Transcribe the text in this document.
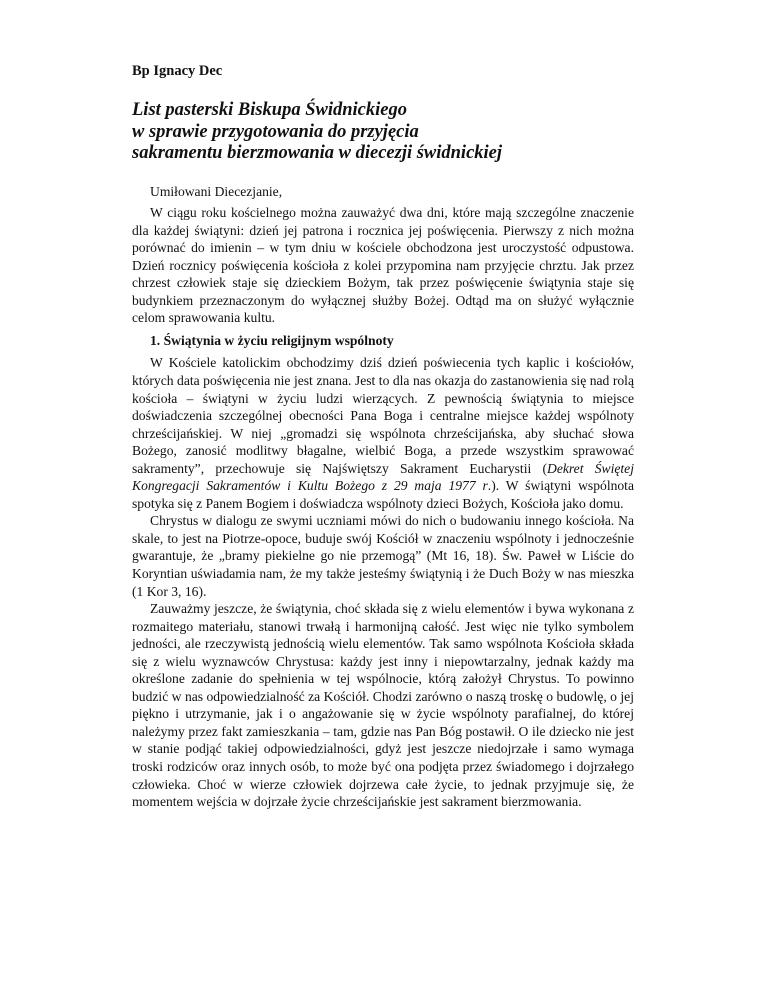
Bp Ignacy Dec
List pasterski Biskupa Świdnickiego
w sprawie przygotowania do przyjęcia
sakramentu bierzmowania w diecezji świdnickiej

Umiłowani Diecezjanie,

W ciągu roku kościelnego można zauważyć dwa dni, które mają szczególne znaczenie dla każdej świątyni: dzień jej patrona i rocznica jej poświęcenia. Pierwszy z nich można porównać do imienin – w tym dniu w kościele obchodzona jest uroczystość odpustowa. Dzień rocznicy poświęcenia kościoła z kolei przypomina nam przyjęcie chrztu. Jak przez chrzest człowiek staje się dzieckiem Bożym, tak przez poświęcenie świątynia staje się budynkiem przeznaczonym do wyłącznej służby Bożej. Odtąd ma on służyć wyłącznie celom sprawowania kultu.

1. Świątynia w życiu religijnym wspólnoty

W Kościele katolickim obchodzimy dziś dzień poświecenia tych kaplic i kościołów, których data poświęcenia nie jest znana. Jest to dla nas okazja do zastanowienia się nad rolą kościoła – świątyni w życiu ludzi wierzących. Z pewnością świątynia to miejsce doświadczenia szczególnej obecności Pana Boga i centralne miejsce każdej wspólnoty chrześcijańskiej. W niej „gromadzi się wspólnota chrześcijańska, aby słuchać słowa Bożego, zanosić modlitwy błagalne, wielbić Boga, a przede wszystkim sprawować sakramenty”, przechowuje się Najświętszy Sakrament Eucharystii (Dekret Świętej Kongregacji Sakramentów i Kultu Bożego z 29 maja 1977 r.). W świątyni wspólnota spotyka się z Panem Bogiem i doświadcza wspólnoty dzieci Bożych, Kościoła jako domu.

Chrystus w dialogu ze swymi uczniami mówi do nich o budowaniu innego kościoła. Na skale, to jest na Piotrze-opoce, buduje swój Kościół w znaczeniu wspólnoty i jednocześnie gwarantuje, że „bramy piekielne go nie przemogą” (Mt 16, 18). Św. Paweł w Liście do Koryntian uświadamia nam, że my także jesteśmy świątynią i że Duch Boży w nas mieszka (1 Kor 3, 16).

Zauważmy jeszcze, że świątynia, choć składa się z wielu elementów i bywa wykonana z rozmaitego materiału, stanowi trwałą i harmonijną całość. Jest więc nie tylko symbolem jedności, ale rzeczywistą jednością wielu elementów. Tak samo wspólnota Kościoła składa się z wielu wyznawców Chrystusa: każdy jest inny i niepowtarzalny, jednak każdy ma określone zadanie do spełnienia w tej wspólnocie, którą założył Chrystus. To powinno budzić w nas odpowiedzialność za Kościół. Chodzi zarówno o naszą troskę o budowlę, o jej piękno i utrzymanie, jak i o angażowanie się w życie wspólnoty parafialnej, do której należymy przez fakt zamieszkania – tam, gdzie nas Pan Bóg postawił. O ile dziecko nie jest w stanie podjąć takiej odpowiedzialności, gdyż jest jeszcze niedojrzałe i samo wymaga troski rodziców oraz innych osób, to może być ona podjęta przez świadomego i dojrzałego człowieka. Choć w wierze człowiek dojrzewa całe życie, to jednak przyjmuje się, że momentem wejścia w dojrzałe życie chrześcijańskie jest sakrament bierzmowania.
